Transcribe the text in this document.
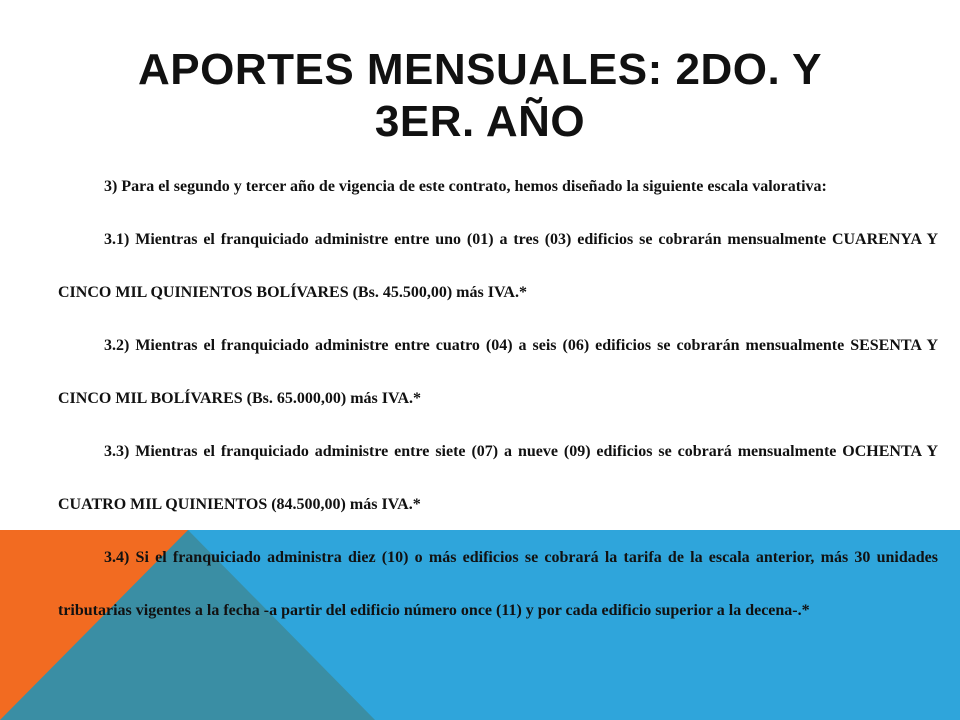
APORTES MENSUALES: 2DO. Y
3ER. AÑO

3) Para el segundo y tercer año de vigencia de este contrato, hemos diseñado la siguiente escala valorativa:

3.1) Mientras el franquiciado administre entre uno (01) a tres (03) edificios se cobrarán mensualmente CUARENYA Y CINCO MIL QUINIENTOS BOLÍVARES (Bs. 45.500,00) más IVA.*

3.2) Mientras el franquiciado administre entre cuatro (04) a seis (06) edificios se cobrarán mensualmente SESENTA Y CINCO MIL BOLÍVARES (Bs. 65.000,00) más IVA.*

3.3) Mientras el franquiciado administre entre siete (07) a nueve (09) edificios se cobrará mensualmente OCHENTA Y CUATRO MIL QUINIENTOS (84.500,00) más IVA.*

3.4) Si el franquiciado administra diez (10) o más edificios se cobrará la tarifa de la escala anterior, más 30 unidades tributarias vigentes a la fecha -a partir del edificio número once (11) y por cada edificio superior a la decena-.*
